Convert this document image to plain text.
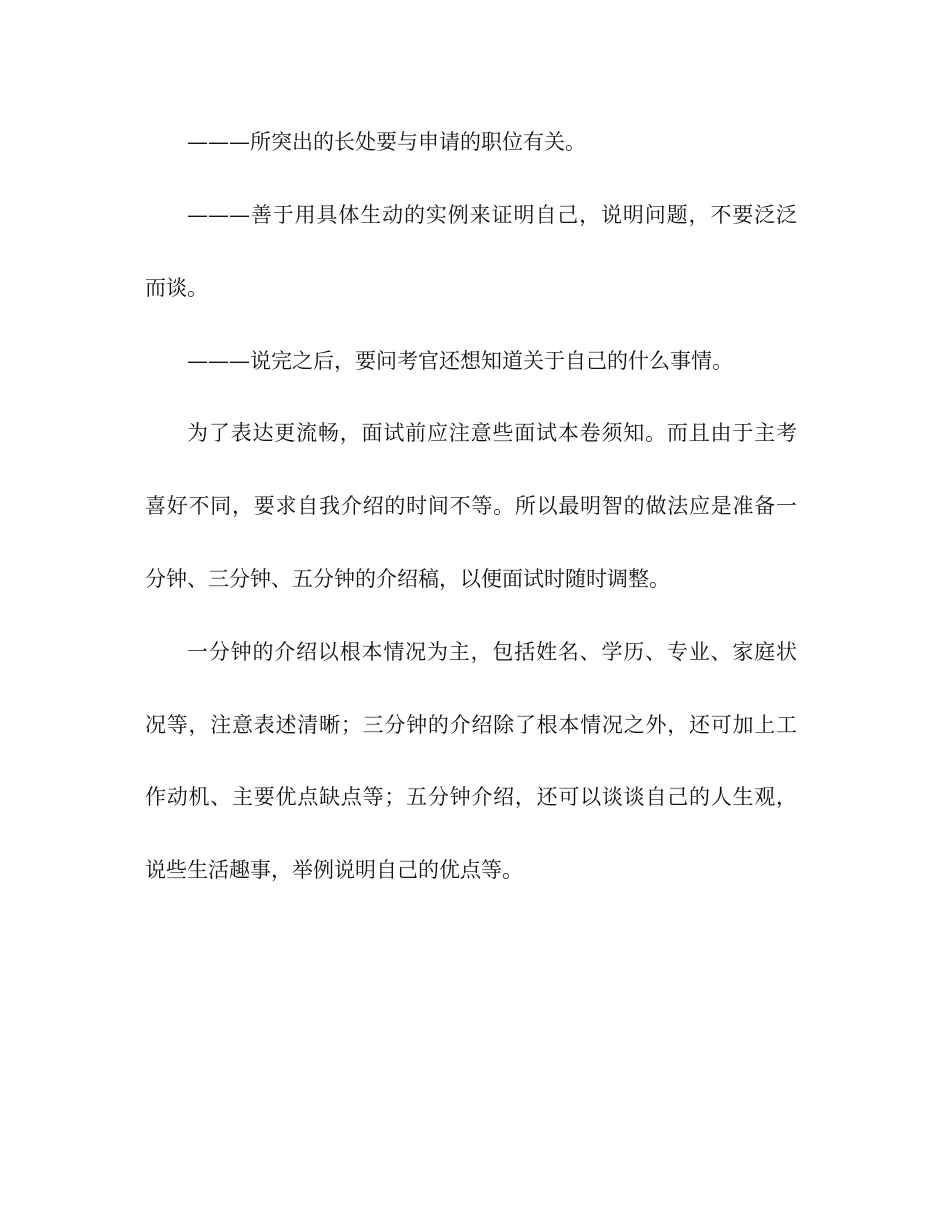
———所突出的长处要与申请的职位有关。
———善于用具体生动的实例来证明自己，说明问题，不要泛泛
而谈。
———说完之后，要问考官还想知道关于自己的什么事情。
为了表达更流畅，面试前应注意些面试本卷须知。而且由于主考
喜好不同，要求自我介绍的时间不等。所以最明智的做法应是准备一
分钟、三分钟、五分钟的介绍稿，以便面试时随时调整。
一分钟的介绍以根本情况为主，包括姓名、学历、专业、家庭状
况等，注意表述清晰；三分钟的介绍除了根本情况之外，还可加上工
作动机、主要优点缺点等；五分钟介绍，还可以谈谈自己的人生观，
说些生活趣事，举例说明自己的优点等。
